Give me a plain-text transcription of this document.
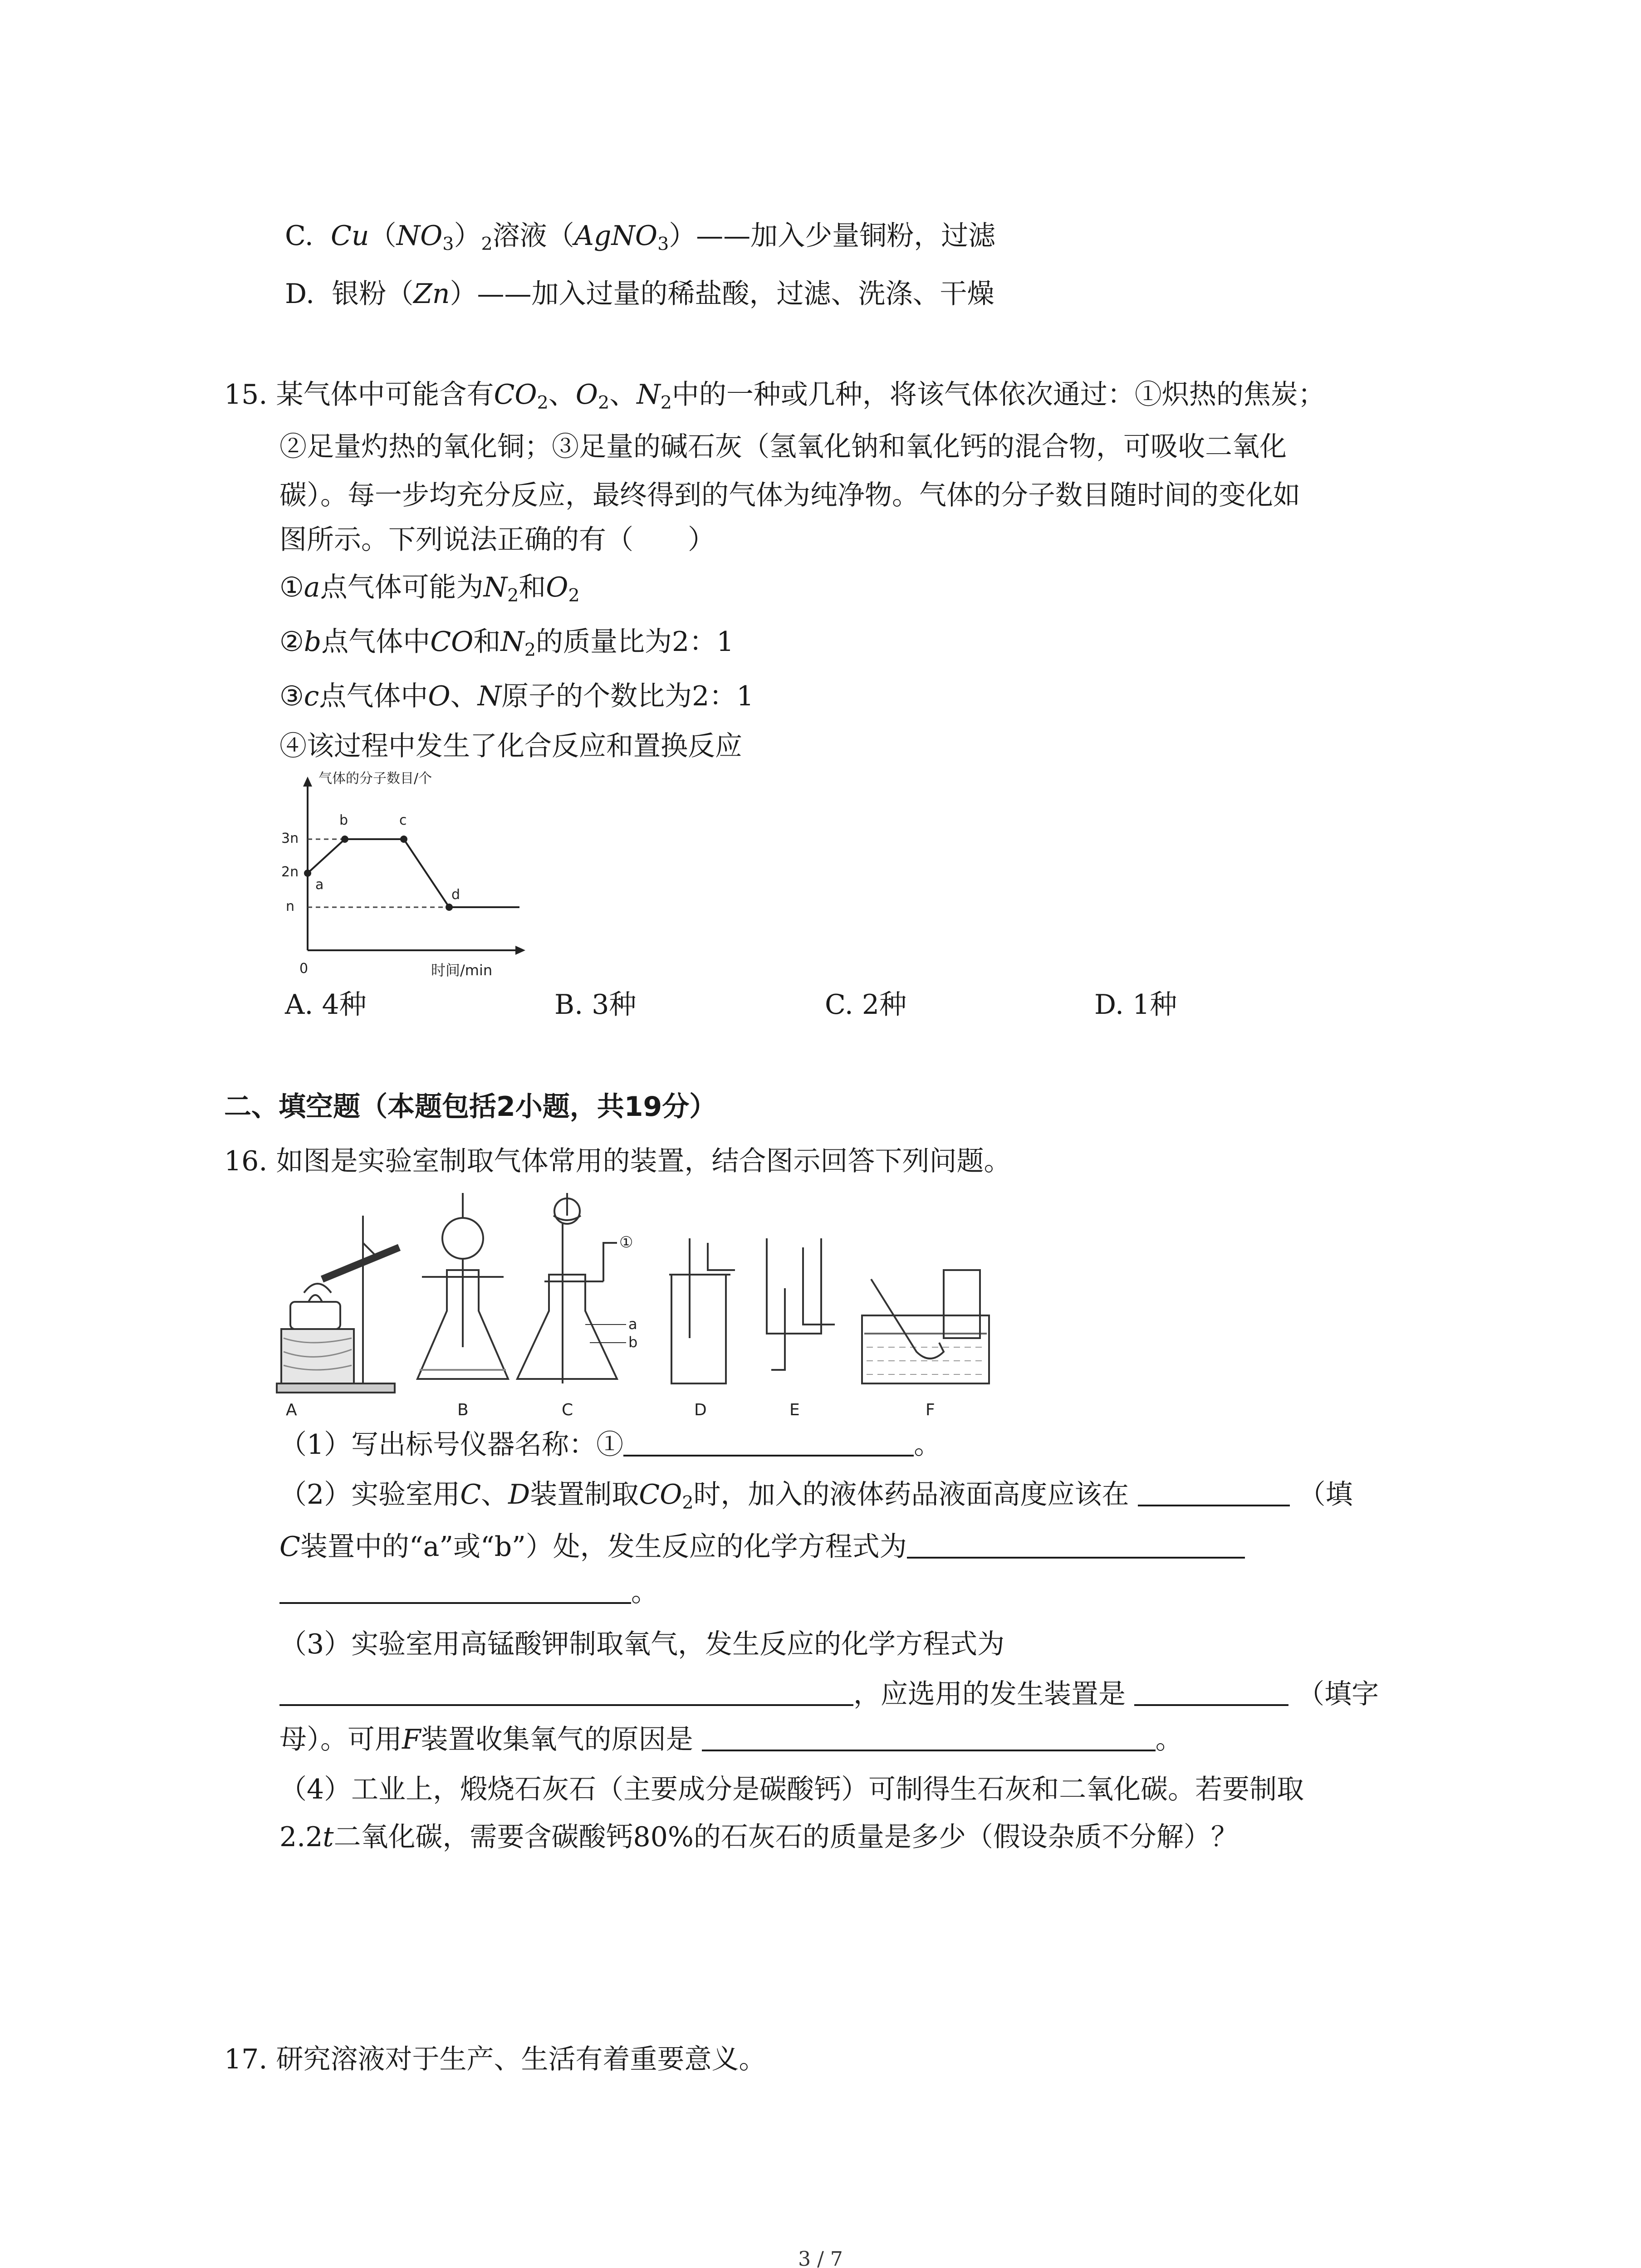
C. $Cu(NO_3)_2$溶液（AgNO$_3$）——加入少量铜粉，过滤
D.  银粉（Zn）——加入过量的稀盐酸，过滤、洗涤、干燥
15. 某气体中可能含有$CO_2$、$O_2$、$N_2$中的一种或几种，将该气体依次通过：①炽热的焦炭；
②足量灼热的氧化铜；③足量的碱石灰（氢氧化钠和氧化钙的混合物，可吸收二氧化
碳）。每一步均充分反应，最终得到的气体为纯净物。气体的分子数目随时间的变化如
图所示。下列说法正确的有（　　）
①a点气体可能为$N_2$和$O_2$
②b点气体中CO和$N_2$的质量比为2：1
③c点气体中O、N原子的个数比为2：1
④该过程中发生了化合反应和置换反应
气体的分子数目/个
时间/min
0
3n
2n
n
a
b	c
d
A. 4种	B. 3种	C. 2种	D. 1种
二、填空题（本题包括2小题，共19分）
16. 如图是实验室制取气体常用的装置，结合图示回答下列问题。
A	B	C	D	E	F
①
a
b
（1）写出标号仪器名称：①	。
（2）实验室用C、D装置制取$CO_2$时，加入的液体药品液面高度应该在	（填
C装置中的“a”或“b”）处，发生反应的化学方程式为
。
（3）实验室用高锰酸钾制取氧气，发生反应的化学方程式为
，应选用的发生装置是	（填字
母）。可用F装置收集氧气的原因是	。
（4）工业上，煅烧石灰石（主要成分是碳酸钙）可制得生石灰和二氧化碳。若要制取
2.2t二氧化碳，需要含碳酸钙80%的石灰石的质量是多少（假设杂质不分解）？
17. 研究溶液对于生产、生活有着重要意义。
3 / 7
